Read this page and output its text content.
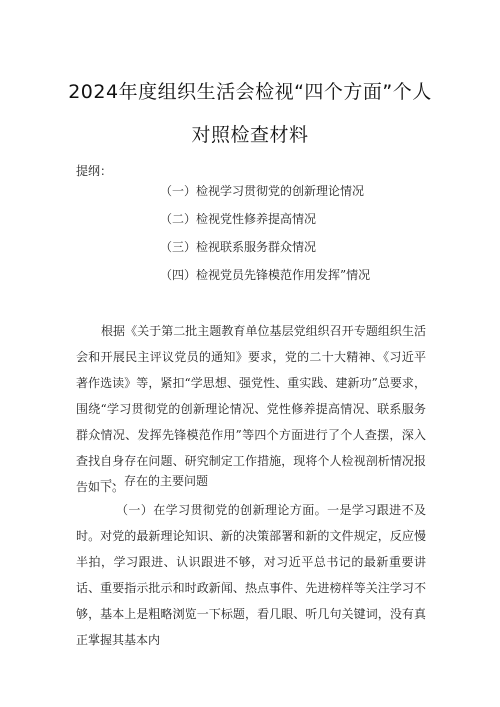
2024年度组织生活会检视“四个方面”个人
对照检查材料
提纲：
（一）检视学习贯彻党的创新理论情况
（二）检视党性修养提高情况
（三）检视联系服务群众情况
（四）检视党员先锋模范作用发挥”情况
根据《关于第二批主题教育单位基层党组织召开专题组织生活会和开展民主评议党员的通知》要求，党的二十大精神、《习近平著作选读》等，紧扣“学思想、强党性、重实践、建新功”总要求，围绕“学习贯彻党的创新理论情况、党性修养提高情况、联系服务群众情况、发挥先锋模范作用”等四个方面进行了个人查摆，深入查找自身存在问题、研究制定工作措施，现将个人检视剖析情况报告如下。
一、存在的主要问题
（一）在学习贯彻党的创新理论方面。一是学习跟进不及时。对党的最新理论知识、新的决策部署和新的文件规定，反应慢半拍，学习跟进、认识跟进不够，对习近平总书记的最新重要讲话、重要指示批示和时政新闻、热点事件、先进榜样等关注学习不够，基本上是粗略浏览一下标题，看几眼、听几句关键词，没有真正掌握其基本内
